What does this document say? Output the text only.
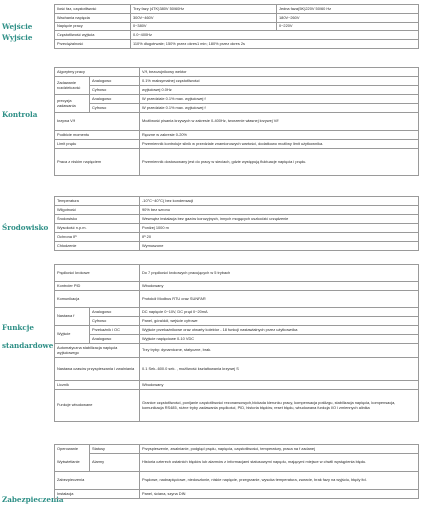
Wejście
Wyjście
Kontrola
Środowisko
Funkcje
standardowe
Zabezpieczenia
Ilość faz, częstotliwość	Trzy fazy (4TK)380V 50/60Hz	Jedna faza(5K)220V 50/60 Hz
Wachania napięcia	300V~460V	180V~260V
Napięcie pracy	0~380V	0~220V
Częstotliwość wyjścia	0.0~400Hz	
Przeciążalność	110% długotrwale; 150% przez okres1 min; 180% przez okres 2s	
Algorytmy pracy		V/f, bezczujnikowy wektor
Zadawanie rozdzielczość	Analogowo	0.1% maksymalnej częstotliwości
	Cyfrowo	wyjściowej 0.0Hz
precyzja zadawania	Analogowo	W przedziale 0.1% max. wyjściowej f
	Cyfrowo	W przedziale 0.1% max. wyjściowej f
krzywa V/f		Możliwość pisania krzywych w zakresie 0-400Hz, tworzenie własnej krzywej V/f
Podbicie momentu		Ręczne w zakresie 0-20%
Limit prądu		Przemiennik kontroluje silnik w przedziale znamionowych wartości, dodatkowo możliwy limit użytkownika.
Praca z niskim napięciem		Przemiennik dostosowany jest do pracy w sieciach, gdzie występują fluktuacje napięcia i prądu.
Temperatura	-10°C~40°C( bez kondensacji
Wilgotność	90% bez szronu
Środowisko	Wewnątrz instalacja bez gazów korozyjnych, innych mogących uszkodzić urządzenie
Wysokość n.p.m.	Poniżej 1000 m
Ochrona IP	IP 20
Chłodzenie	Wymuszone
Prędkości krokowe		Do 7 prędkości krokowych pracujących w 5 trybach
Kontroler PID		Wbudowany
Komunikacja		Protokół Modbus RTU oraz SUNFAR
Nastawa f	Analogowo	DC napięcie 0~10V, DC prąd 0~20mA
	Cyfrowo	Panel, góra/dół, wejście cyfrowe
Wyjście	Przekaźnik i OC	Wyjście przekaźnikowe oraz otwarty kolektor - 18 funkcji nastawialnych przez użytkownika
	Analogowo	Wyjście napięciowe 0-10 VDC
Automatyczna stabilizacja napięcia wyjściowego		Trzy tryby: dynamiczne, statyczne, brak.
Nastawa czasów przyspieszania i zwalniania		0.1 Sek.-600.0 sek. , możliwość kształtowania krzywej S
Licznik		Wbudowany
Funkcje wbudowane		Granice częstotliwości, ponijanie częstotliwości rezonansowych,blokada kierunku pracy, kompensacja poślizgu, stabilizacja napięcia, kompensacja, komunikacja RS485, różne tryby zadawania prędkości, PID, historia błędów, reset błędu, wbudowana funkcja I/O i zmiennych alinika
Operowanie	Statusy	Przyspieszenie, zwalnianie, podgląd prądu, napięcia, częstotliwości, temperatury, praca na f zadanej
Wyświetlanie	Alarmy	Historia czterech ostatnich błędów lub alarmów z informacjami statusowymi napędu, mającymi miejsce w chwili wystąpienia błędu.
Zabezpieczenia		Prądowe, nadnapięciowe, niedoszłonie, niskie napięcie, przegrzanie, wysoka temperatura, zwarcie, brak fazy na wyjściu, błędy itd.
Instalacja		Panel, ściana, szyna DIN
